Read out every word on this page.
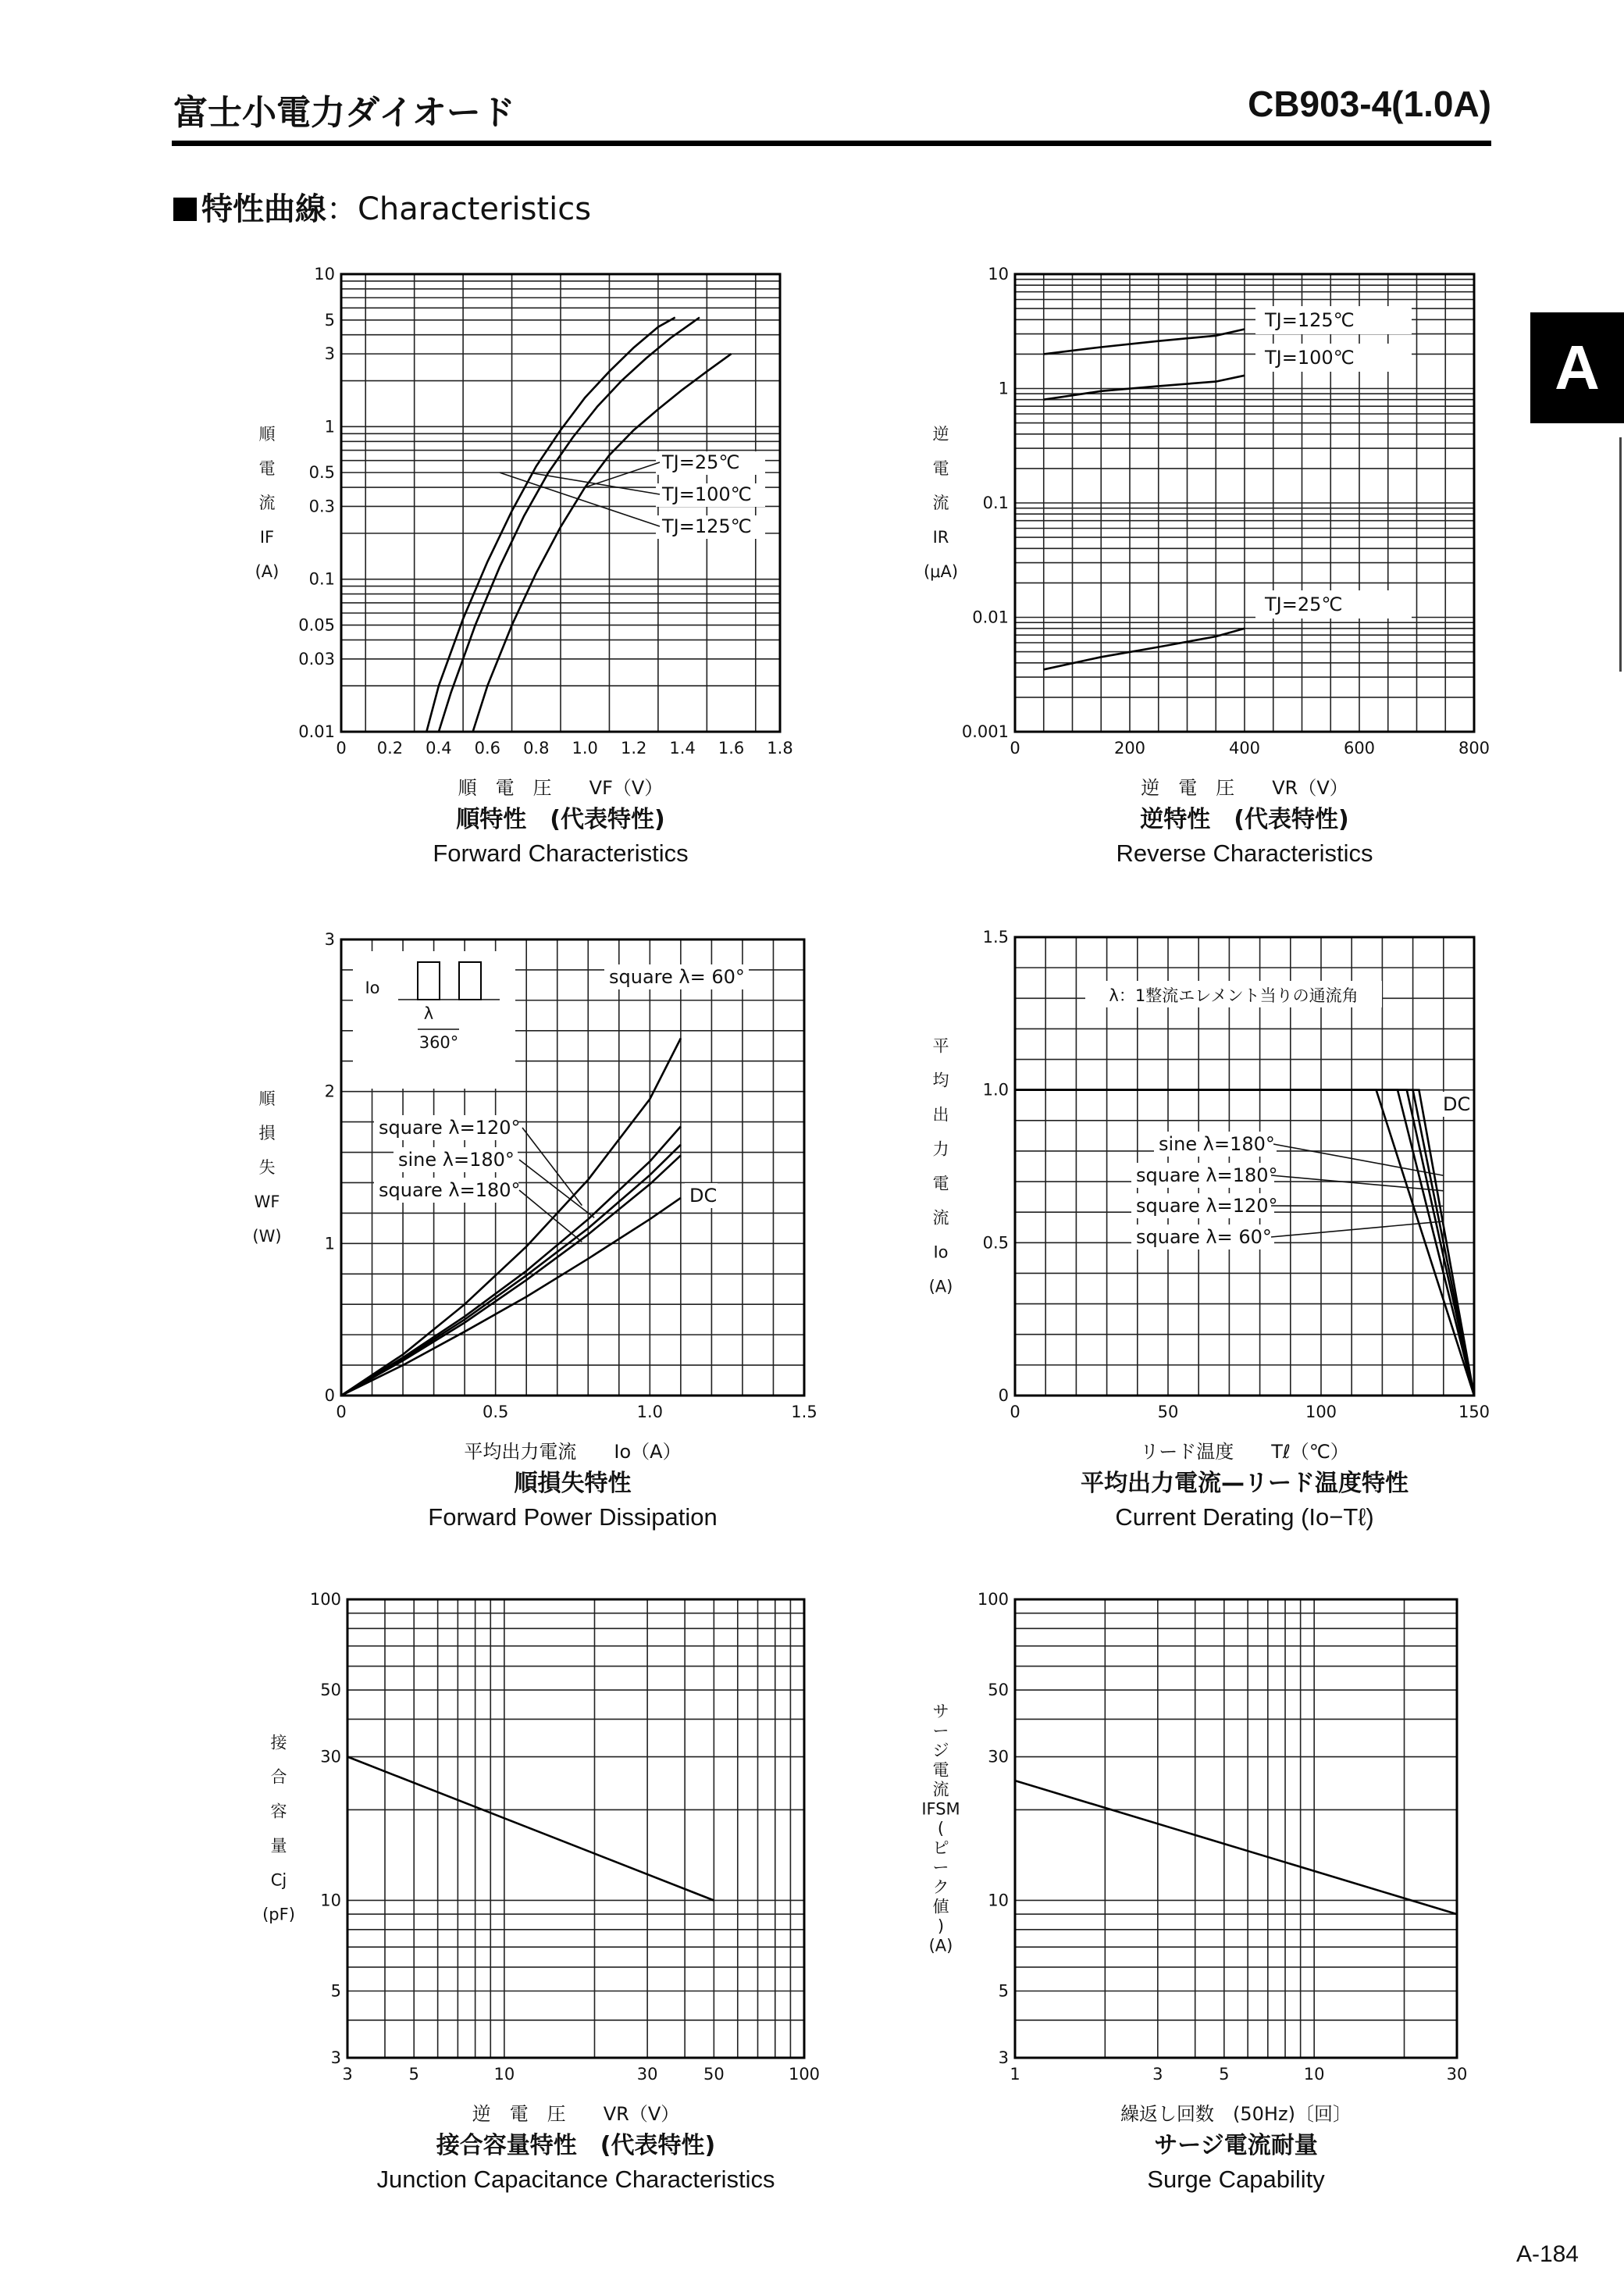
富士小電力ダイオード	CB903-4(1.0A)
特性曲線：Characteristics
A
A-184
0 0.2 0.4 0.6 0.8 1.0 1.2 1.4 1.6 1.8
0.01
0.03
0.05
0.1
0.3
0.5
1
3
5
10
順
電
流
IF
(A)
順　電　圧　　VF（V）
順特性　(代表特性)
Forward Characteristics
TJ=25℃
TJ=100℃
TJ=125℃
0	200	400	600	800
0.001
0.01
0.1
1
10
逆
電
流
IR
(μA)
逆　電　圧　　VR（V）
逆特性　(代表特性)
Reverse Characteristics
TJ=125℃
TJ=100℃
TJ=25℃
0	0.5	1.0	1.5
0
1
2
3
順
損
失
WF
(W)
平均出力電流　　Io（A）
順損失特性
Forward Power Dissipation
Io
λ
360°
square λ= 60°
square λ=120°
sine λ=180°
square λ=180°	DC
0	50	100	150
0
0.5
1.0
1.5
平
均
出
力
電
流
Io
(A)
リード温度　　Tℓ（℃）
平均出力電流—リード温度特性
Current Derating (Io−Tℓ)
λ：1整流エレメント当りの通流角
DC
sine λ=180°
square λ=180°
square λ=120°
square λ= 60°
3	5	10	30	50	100
3
5
10
30
50
100
接
合
容
量
Cj
(pF)
逆　電　圧　　VR（V）
接合容量特性　(代表特性)
Junction Capacitance Characteristics
1	3	5	10	30
3
5
10
30
50
100
サ
ー
ジ
電
流
IFSM
(
ピ
ー
ク
値
)
(A)
繰返し回数　(50Hz)〔回〕
サージ電流耐量
Surge Capability
